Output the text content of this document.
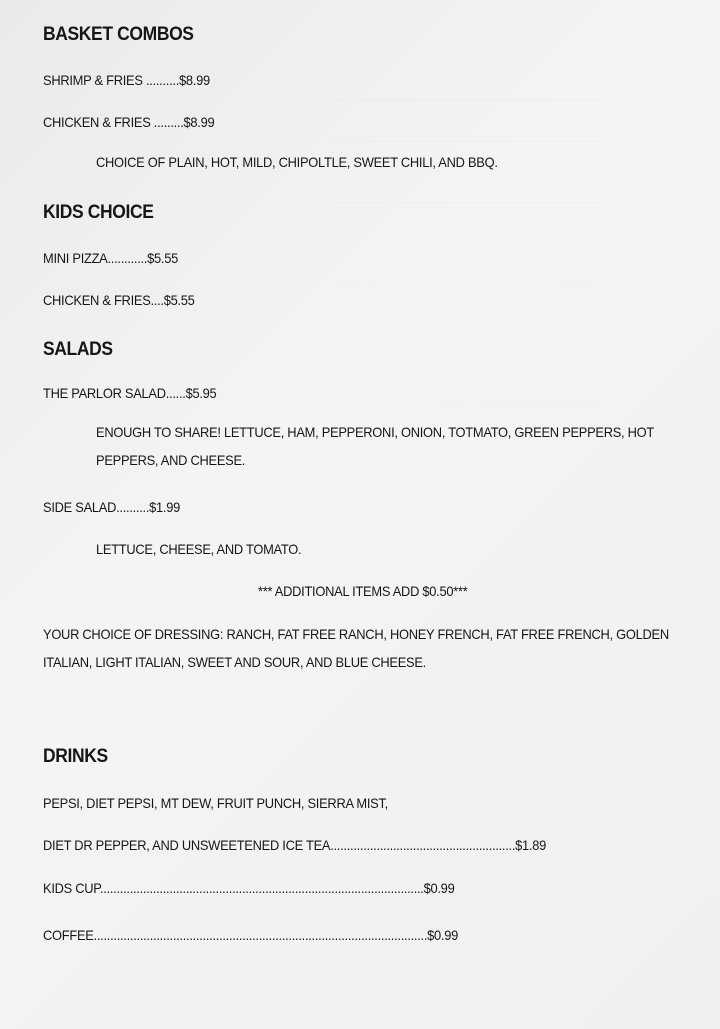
BASKET COMBOS
SHRIMP & FRIES ..........$8.99
CHICKEN & FRIES .........$8.99
CHOICE OF PLAIN, HOT, MILD, CHIPOLTLE, SWEET CHILI, AND BBQ.
KIDS CHOICE
MINI PIZZA............$5.55
CHICKEN & FRIES....$5.55
SALADS
THE PARLOR SALAD......$5.95
ENOUGH TO SHARE! LETTUCE, HAM, PEPPERONI, ONION, TOTMATO, GREEN PEPPERS, HOT PEPPERS, AND CHEESE.
SIDE SALAD..........$1.99
LETTUCE, CHEESE, AND TOMATO.
*** ADDITIONAL ITEMS ADD $0.50***
YOUR CHOICE OF DRESSING: RANCH, FAT FREE RANCH, HONEY FRENCH, FAT FREE FRENCH, GOLDEN ITALIAN, LIGHT ITALIAN, SWEET AND SOUR, AND BLUE CHEESE.
DRINKS
PEPSI, DIET PEPSI, MT DEW, FRUIT PUNCH, SIERRA MIST,
DIET DR PEPPER, AND UNSWEETENED ICE TEA........................................................$1.89
KIDS CUP..................................................................................................$0.99
COFFEE.....................................................................................................$0.99
